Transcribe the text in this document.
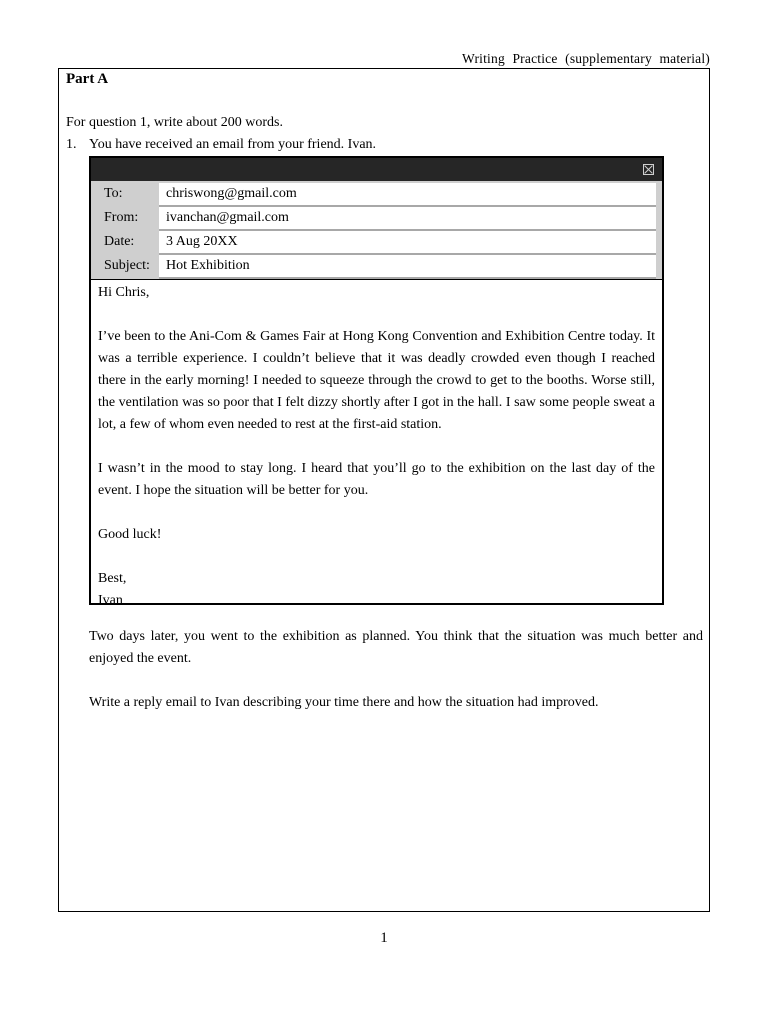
Writing Practice (supplementary material)
Part A
For question 1, write about 200 words.
1. You have received an email from your friend. Ivan.
To:	chriswong@gmail.com
From:	ivanchan@gmail.com
Date:	3 Aug 20XX
Subject:	Hot Exhibition

Hi Chris,

I’ve been to the Ani-Com & Games Fair at Hong Kong Convention and Exhibition Centre today. It was a terrible experience. I couldn’t believe that it was deadly crowded even though I reached there in the early morning! I needed to squeeze through the crowd to get to the booths. Worse still, the ventilation was so poor that I felt dizzy shortly after I got in the hall. I saw some people sweat a lot, a few of whom even needed to rest at the first-aid station.

I wasn’t in the mood to stay long. I heard that you’ll go to the exhibition on the last day of the event. I hope the situation will be better for you.

Good luck!

Best,

Ivan

Two days later, you went to the exhibition as planned. You think that the situation was much better and enjoyed the event.
Write a reply email to Ivan describing your time there and how the situation had improved.
1
